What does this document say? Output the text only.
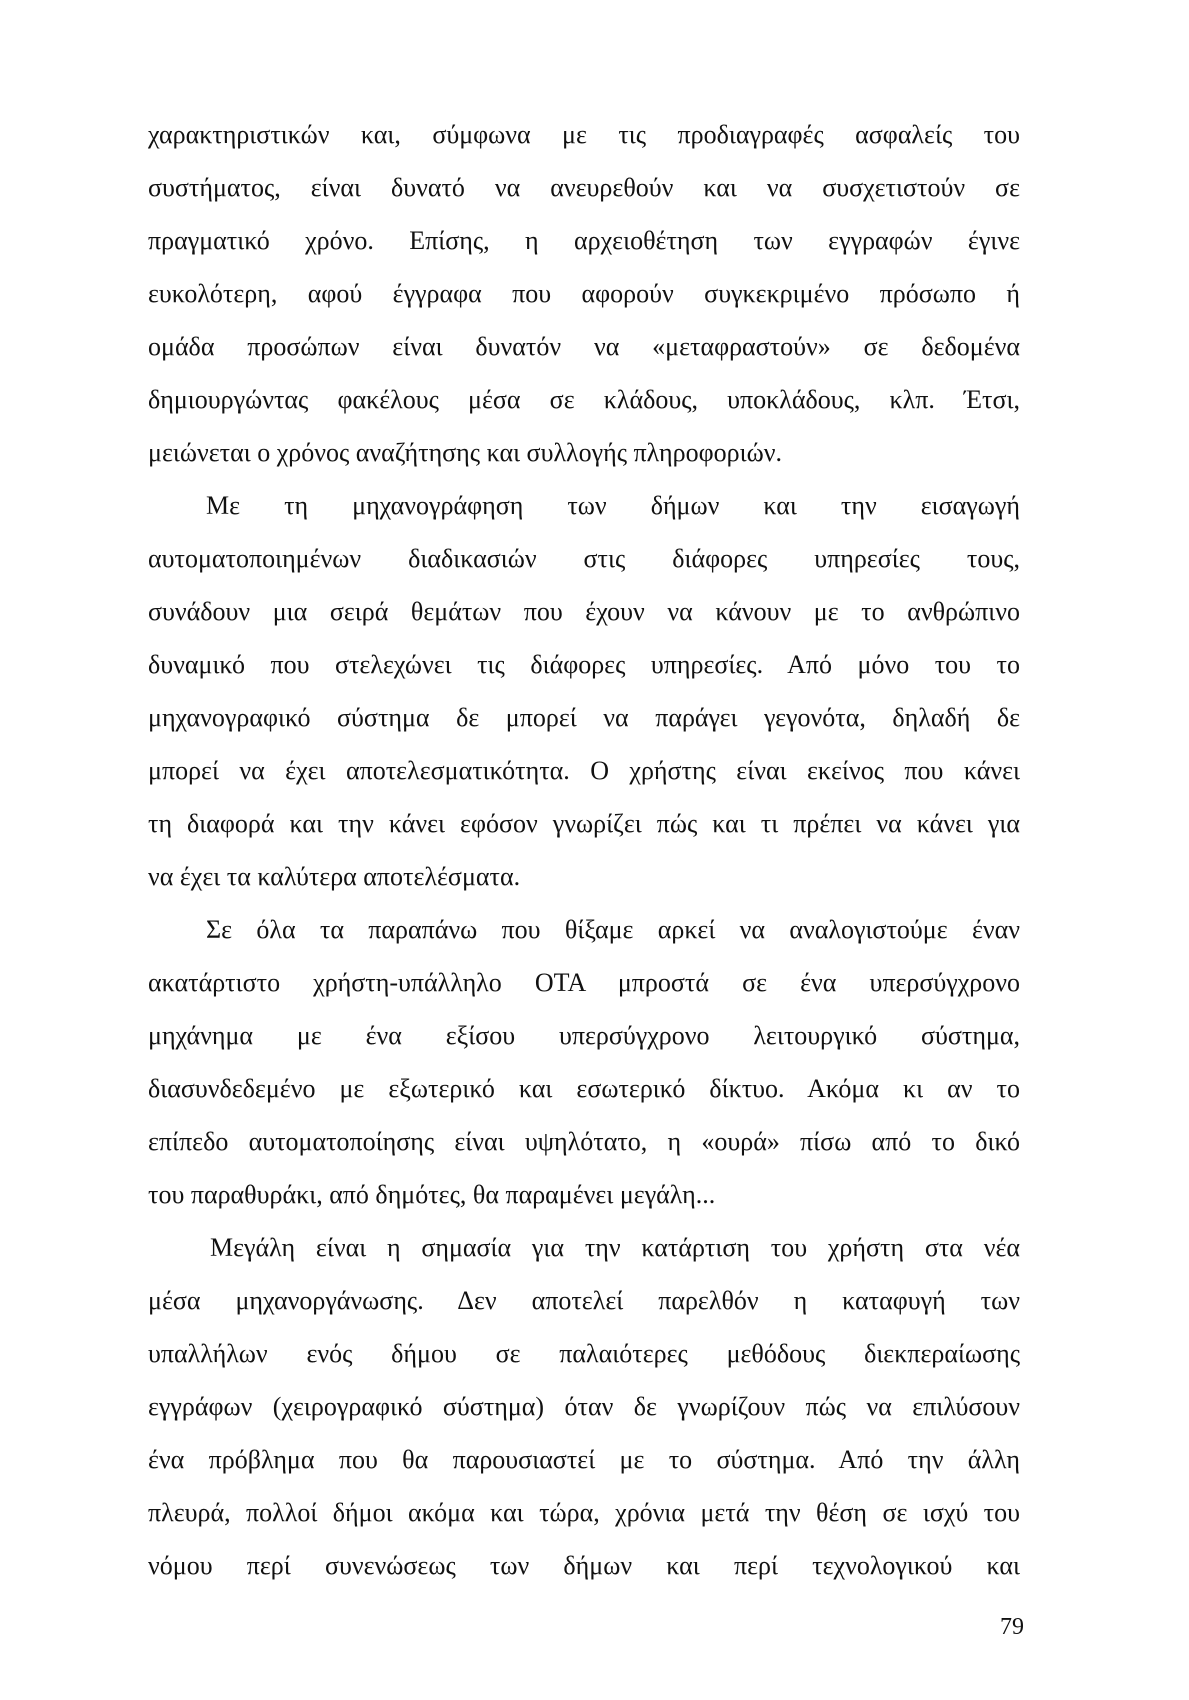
χαρακτηριστικών και, σύμφωνα με τις προδιαγραφές ασφαλείς του
συστήματος, είναι δυνατό να ανευρεθούν και να συσχετιστούν σε
πραγματικό χρόνο. Επίσης, η αρχειοθέτηση των εγγραφών έγινε
ευκολότερη, αφού έγγραφα που αφορούν συγκεκριμένο πρόσωπο ή
ομάδα προσώπων είναι δυνατόν να «μεταφραστούν» σε δεδομένα
δημιουργώντας φακέλους μέσα σε κλάδους, υποκλάδους, κλπ. Έτσι,
μειώνεται ο χρόνος αναζήτησης και συλλογής πληροφοριών.
Με τη μηχανογράφηση των δήμων και την εισαγωγή
αυτοματοποιημένων διαδικασιών στις διάφορες υπηρεσίες τους,
συνάδουν μια σειρά θεμάτων που έχουν να κάνουν με το ανθρώπινο
δυναμικό που στελεχώνει τις διάφορες υπηρεσίες. Από μόνο του το
μηχανογραφικό σύστημα δε μπορεί να παράγει γεγονότα, δηλαδή δε
μπορεί να έχει αποτελεσματικότητα. Ο χρήστης είναι εκείνος που κάνει
τη διαφορά και την κάνει εφόσον γνωρίζει πώς και τι πρέπει να κάνει για
να έχει τα καλύτερα αποτελέσματα.
Σε όλα τα παραπάνω που θίξαμε αρκεί να αναλογιστούμε έναν
ακατάρτιστο χρήστη-υπάλληλο ΟΤΑ μπροστά σε ένα υπερσύγχρονο
μηχάνημα με ένα εξίσου υπερσύγχρονο λειτουργικό σύστημα,
διασυνδεδεμένο με εξωτερικό και εσωτερικό δίκτυο. Ακόμα κι αν το
επίπεδο αυτοματοποίησης είναι υψηλότατο, η «ουρά» πίσω από το δικό
του παραθυράκι, από δημότες, θα παραμένει μεγάλη...
Μεγάλη είναι η σημασία για την κατάρτιση του χρήστη στα νέα
μέσα μηχανοργάνωσης. Δεν αποτελεί παρελθόν η καταφυγή των
υπαλλήλων ενός δήμου σε παλαιότερες μεθόδους διεκπεραίωσης
εγγράφων (χειρογραφικό σύστημα) όταν δε γνωρίζουν πώς να επιλύσουν
ένα πρόβλημα που θα παρουσιαστεί με το σύστημα. Από την άλλη
πλευρά, πολλοί δήμοι ακόμα και τώρα, χρόνια μετά την θέση σε ισχύ του
νόμου περί συνενώσεως των δήμων και περί τεχνολογικού και
79
